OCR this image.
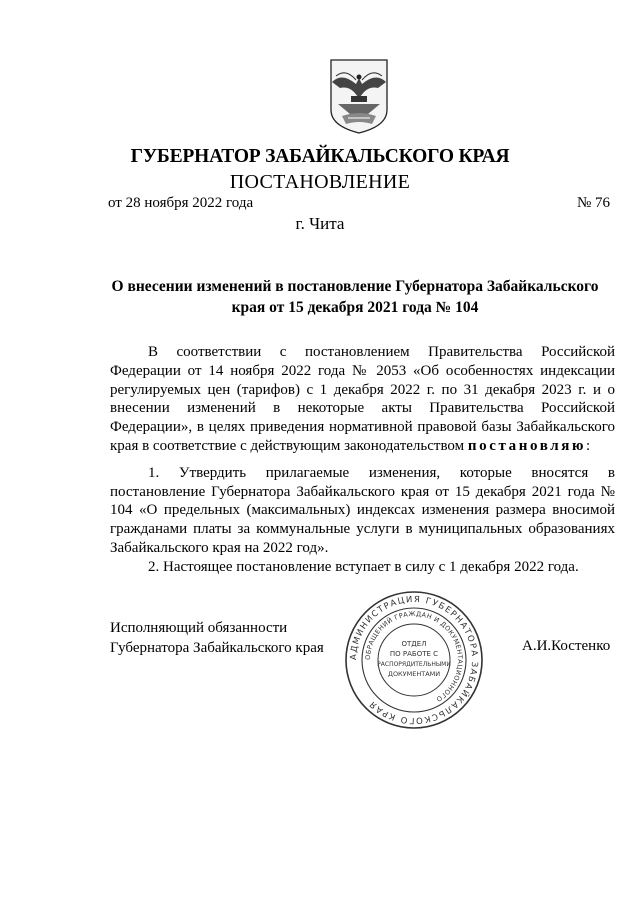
ГУБЕРНАТОР ЗАБАЙКАЛЬСКОГО КРАЯ
ПОСТАНОВЛЕНИЕ
от 28 ноября 2022 года	№ 76
г. Чита
О внесении изменений в постановление Губернатора Забайкальского
края от 15 декабря 2021 года № 104

В соответствии с постановлением Правительства Российской Федерации от 14 ноября 2022 года № 2053 «Об особенностях индексации регулируемых цен (тарифов) с 1 декабря 2022 г. по 31 декабря 2023 г. и о внесении изменений в некоторые акты Правительства Российской Федерации», в целях приведения нормативной правовой базы Забайкальского края в соответствие с действующим законодательством постановляю:

1. Утвердить прилагаемые изменения, которые вносятся в постановление Губернатора Забайкальского края от 15 декабря 2021 года № 104 «О предельных (максимальных) индексах изменения размера вносимой гражданами платы за коммунальные услуги в муниципальных образованиях Забайкальского края на 2022 год».

2. Настоящее постановление вступает в силу с 1 декабря 2022 года.

Исполняющий обязанности
Губернатора Забайкальского края	А.И.Костенко
АДМИНИСТРАЦИЯ ГУБЕРНАТОРА ЗАБАЙКАЛЬСКОГО КРАЯ
ОБРАЩЕНИЙ ГРАЖДАН И ДОКУМЕНТАЦИОННОГО
ОТДЕЛ
ПО РАБОТЕ С
РАСПОРЯДИТЕЛЬНЫМИ
ДОКУМЕНТАМИ
